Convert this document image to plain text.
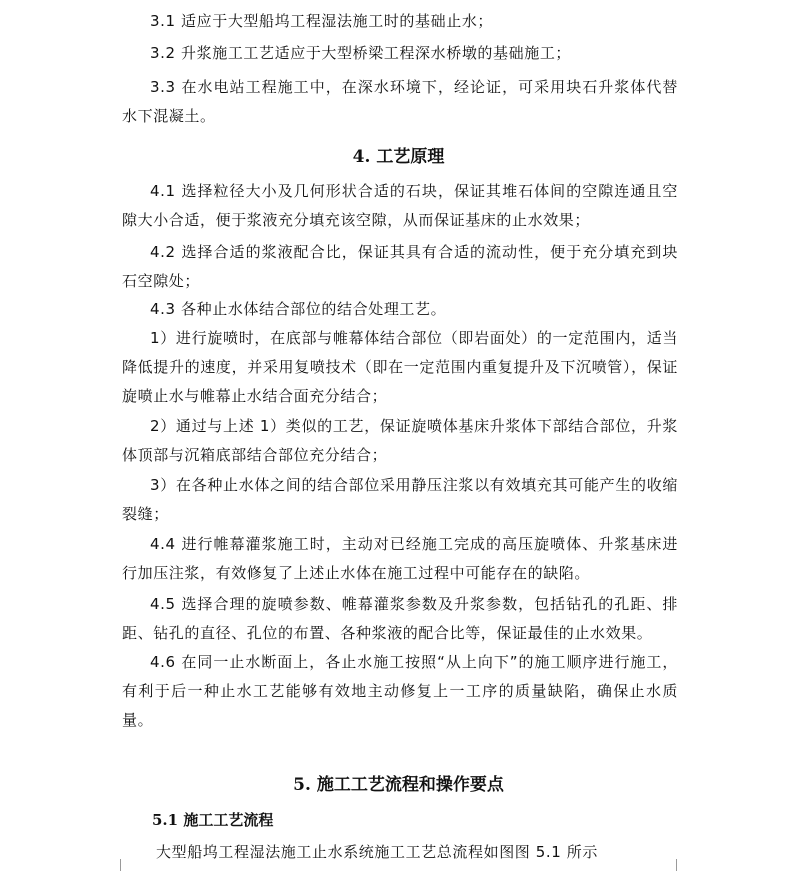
3.1 适应于大型船坞工程湿法施工时的基础止水；
3.2 升浆施工工艺适应于大型桥梁工程深水桥墩的基础施工；
3.3 在水电站工程施工中，在深水环境下，经论证，可采用块石升浆体代替水下混凝土。
4. 工艺原理
4.1 选择粒径大小及几何形状合适的石块，保证其堆石体间的空隙连通且空隙大小合适，便于浆液充分填充该空隙，从而保证基床的止水效果；
4.2 选择合适的浆液配合比，保证其具有合适的流动性，便于充分填充到块石空隙处；
4.3 各种止水体结合部位的结合处理工艺。
1）进行旋喷时，在底部与帷幕体结合部位（即岩面处）的一定范围内，适当降低提升的速度，并采用复喷技术（即在一定范围内重复提升及下沉喷管），保证旋喷止水与帷幕止水结合面充分结合；
2）通过与上述 1）类似的工艺，保证旋喷体基床升浆体下部结合部位，升浆体顶部与沉箱底部结合部位充分结合；
3）在各种止水体之间的结合部位采用静压注浆以有效填充其可能产生的收缩裂缝；
4.4 进行帷幕灌浆施工时，主动对已经施工完成的高压旋喷体、升浆基床进行加压注浆，有效修复了上述止水体在施工过程中可能存在的缺陷。
4.5 选择合理的旋喷参数、帷幕灌浆参数及升浆参数，包括钻孔的孔距、排距、钻孔的直径、孔位的布置、各种浆液的配合比等，保证最佳的止水效果。
4.6 在同一止水断面上，各止水施工按照“从上向下”的施工顺序进行施工，有利于后一种止水工艺能够有效地主动修复上一工序的质量缺陷，确保止水质量。
5. 施工工艺流程和操作要点
5.1 施工工艺流程
大型船坞工程湿法施工止水系统施工工艺总流程如图图 5.1 所示
